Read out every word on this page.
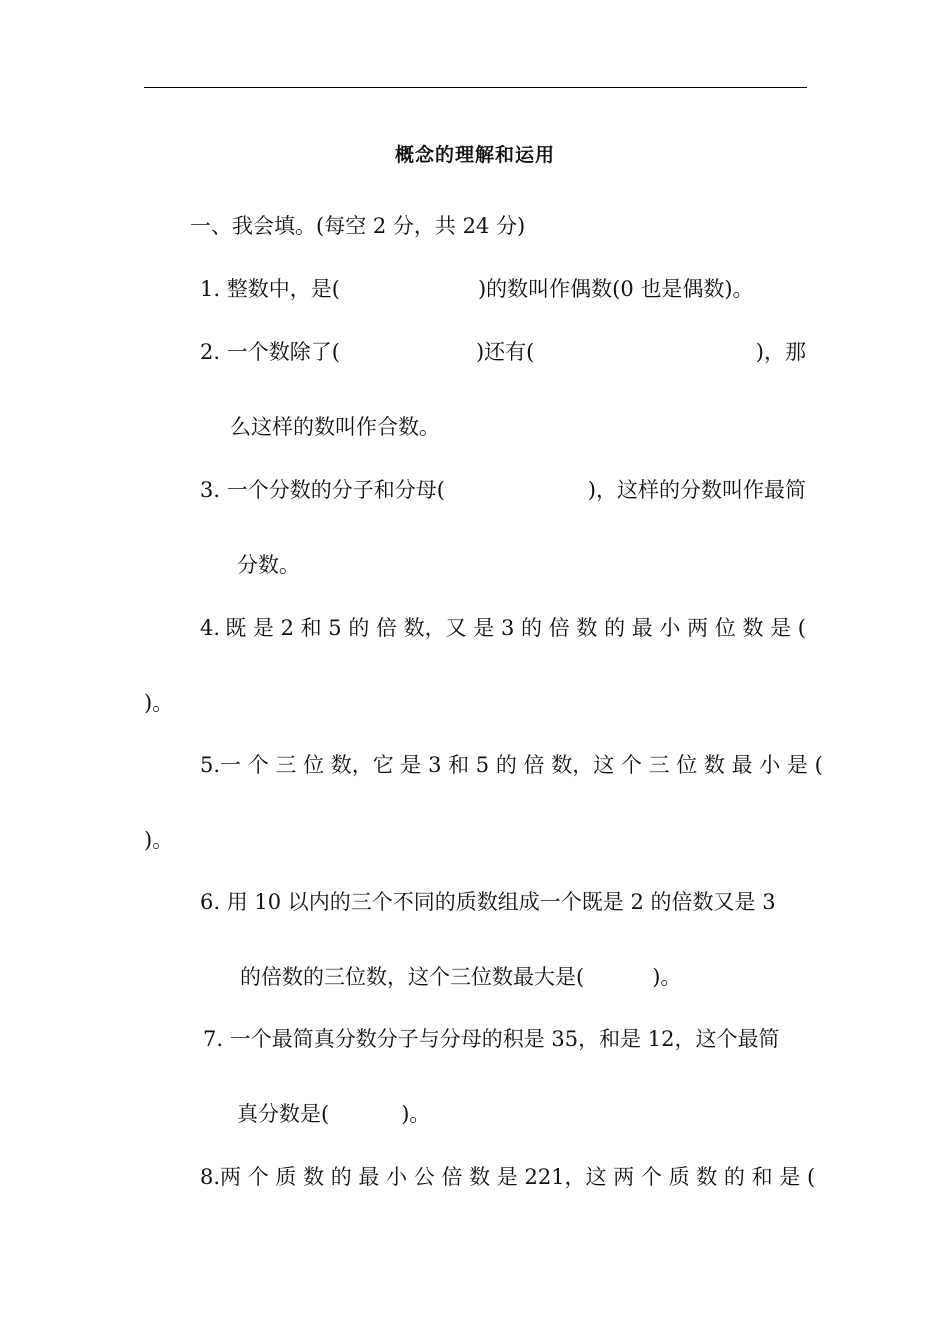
概念的理解和运用
一、我会填。(每空 2 分，共 24 分)
1. 整数中，是(	)的数叫作偶数(0 也是偶数)。
2. 一个数除了(	)还有(	)，那
么这样的数叫作合数。
3. 一个分数的分子和分母(	)，这样的分数叫作最简
分数。
4. 既 是 2 和 5 的 倍 数，又 是 3 的 倍 数 的 最 小 两 位 数 是 (
)。
5. 一 个 三 位 数，它 是 3 和 5 的 倍 数，这 个 三 位 数 最 小 是 (
)。
6. 用 10 以内的三个不同的质数组成一个既是 2 的倍数又是 3
的倍数的三位数，这个三位数最大是(	)。
7. 一个最简真分数分子与分母的积是 35，和是 12，这个最简
真分数是(	)。
8. 两 个 质 数 的 最 小 公 倍 数 是 221，这 两 个 质 数 的 和 是 (
